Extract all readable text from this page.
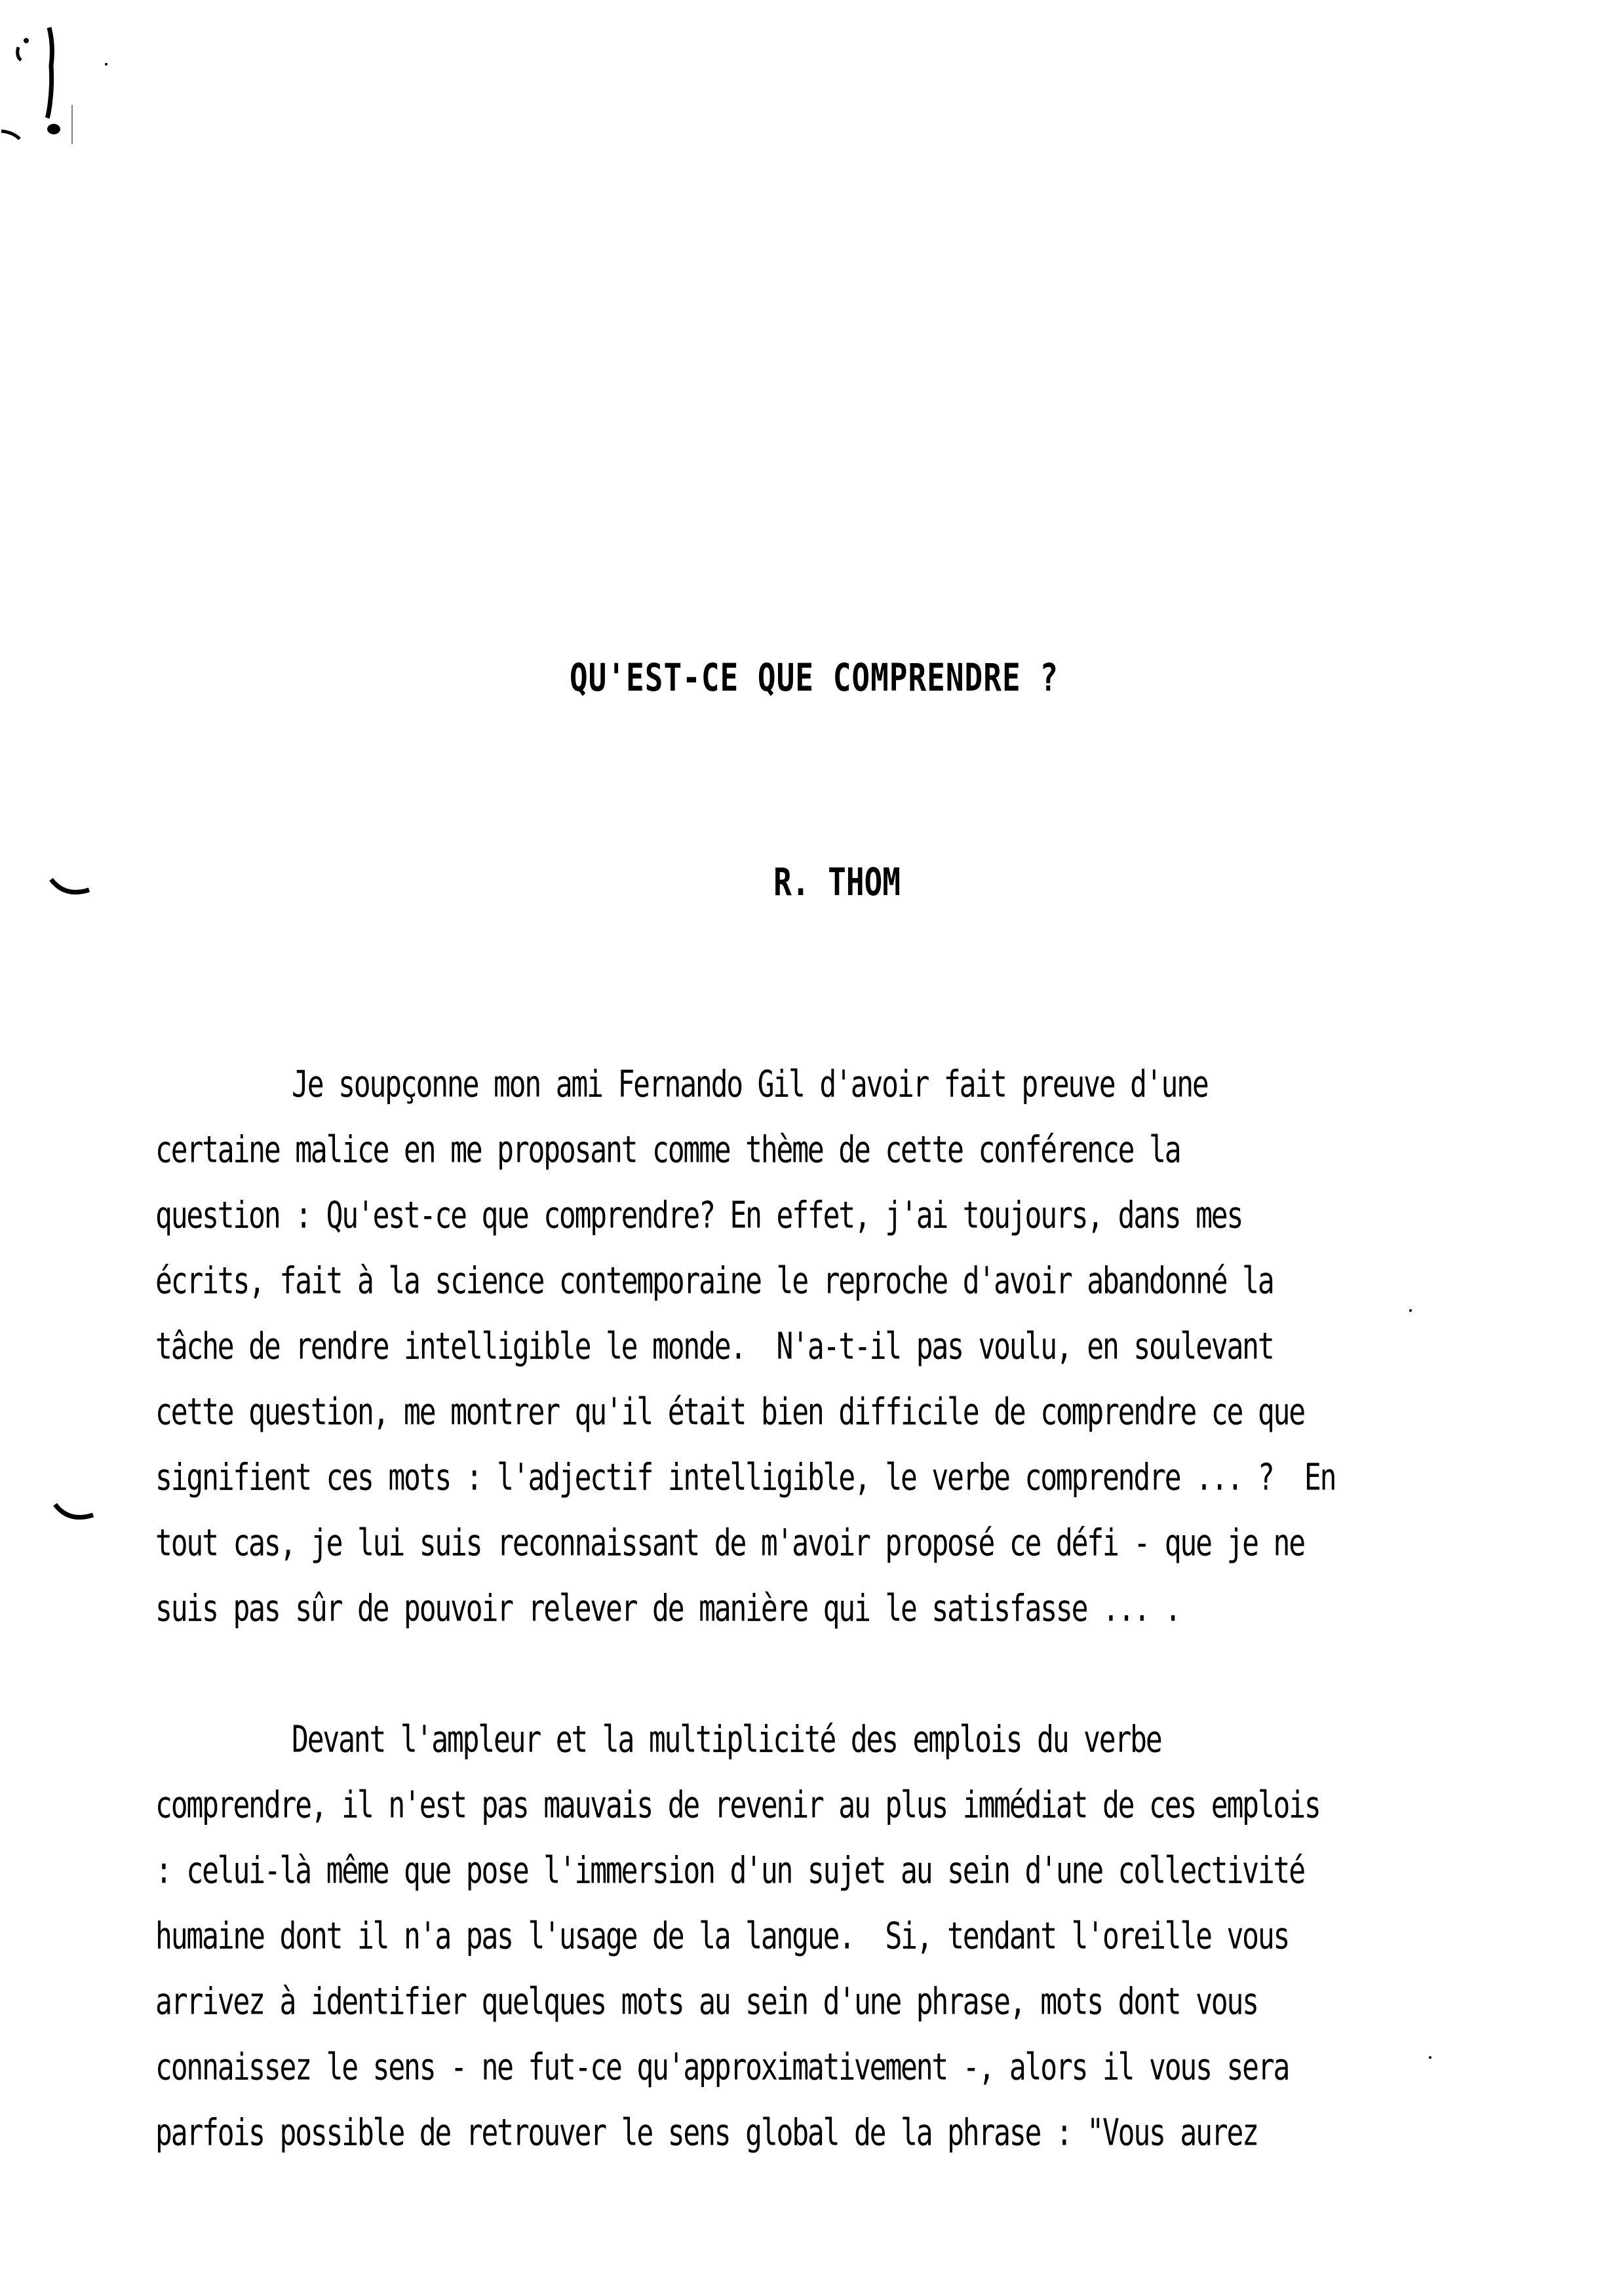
QU'EST-CE QUE COMPRENDRE ?
R. THOM
Je soupçonne mon ami Fernando Gil d'avoir fait preuve d'une
certaine malice en me proposant comme thème de cette conférence la
question : Qu'est-ce que comprendre? En effet, j'ai toujours, dans mes
écrits, fait à la science contemporaine le reproche d'avoir abandonné la
tâche de rendre intelligible le monde.  N'a-t-il pas voulu, en soulevant
cette question, me montrer qu'il était bien difficile de comprendre ce que
signifient ces mots : l'adjectif intelligible, le verbe comprendre ... ?  En
tout cas, je lui suis reconnaissant de m'avoir proposé ce défi - que je ne
suis pas sûr de pouvoir relever de manière qui le satisfasse ... .
Devant l'ampleur et la multiplicité des emplois du verbe
comprendre, il n'est pas mauvais de revenir au plus immédiat de ces emplois
: celui-là même que pose l'immersion d'un sujet au sein d'une collectivité
humaine dont il n'a pas l'usage de la langue.  Si, tendant l'oreille vous
arrivez à identifier quelques mots au sein d'une phrase, mots dont vous
connaissez le sens - ne fut-ce qu'approximativement -, alors il vous sera
parfois possible de retrouver le sens global de la phrase : "Vous aurez
